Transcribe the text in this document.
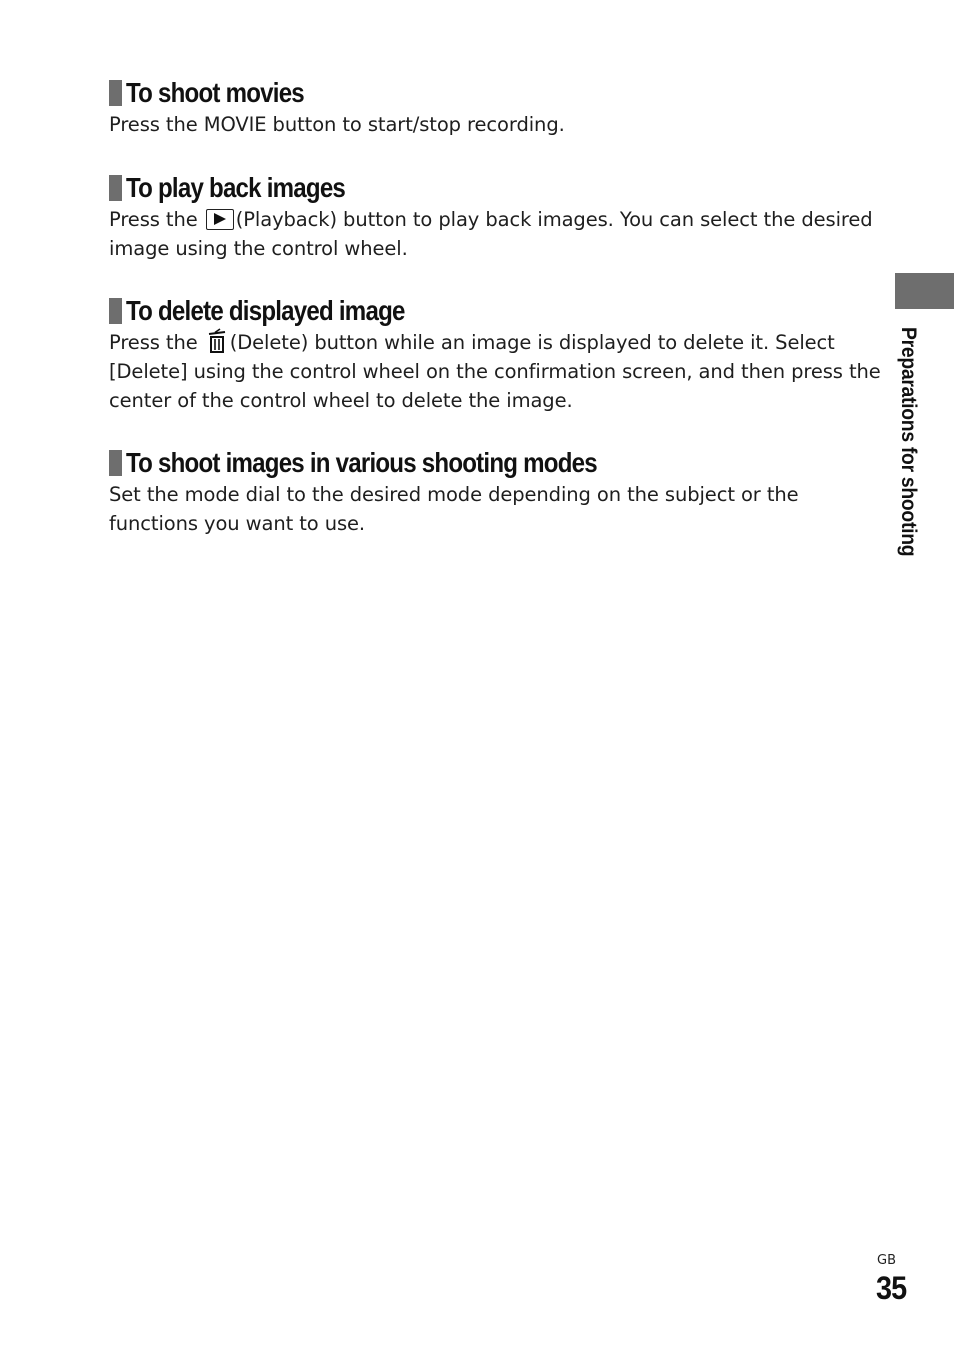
To shoot movies
Press the MOVIE button to start/stop recording.
To play back images
Press the (Playback) button to play back images. You can select the desired image using the control wheel.
To delete displayed image
Press the (Delete) button while an image is displayed to delete it. Select [Delete] using the control wheel on the confirmation screen, and then press the center of the control wheel to delete the image.
To shoot images in various shooting modes
Set the mode dial to the desired mode depending on the subject or the functions you want to use.	Preparations for shooting
GB
35
